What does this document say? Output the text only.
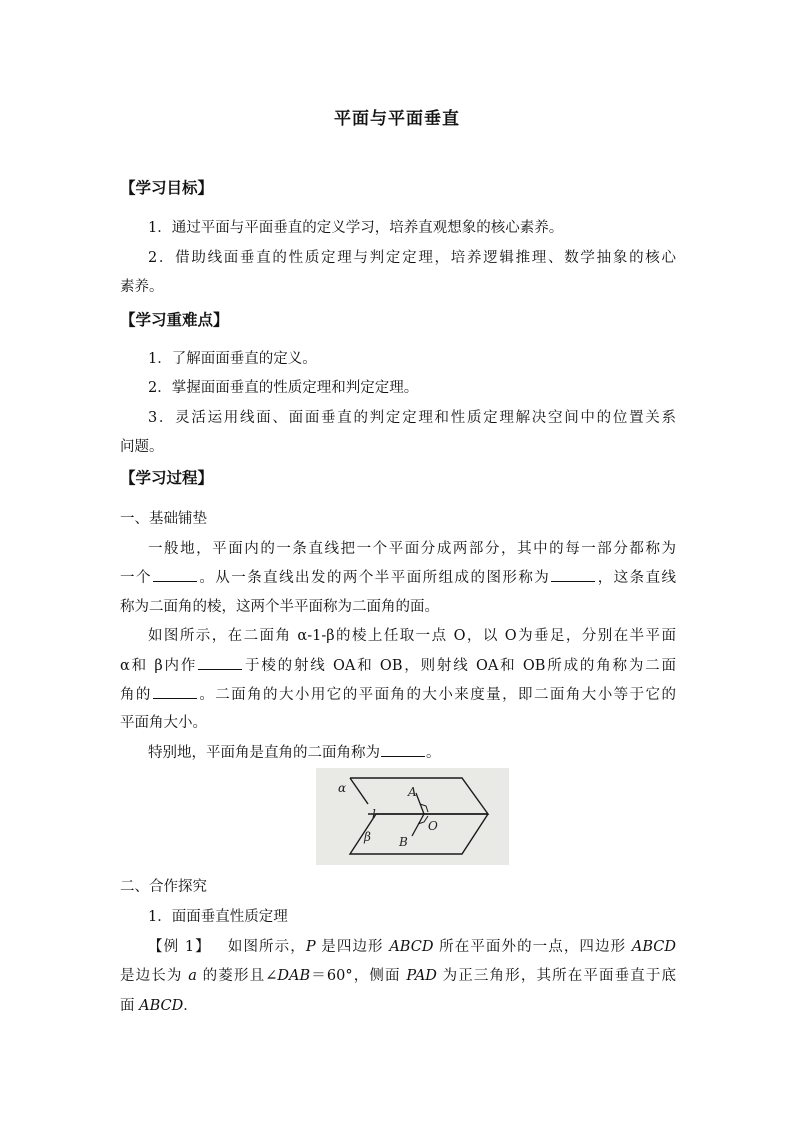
平面与平面垂直
【学习目标】
1．通过平面与平面垂直的定义学习，培养直观想象的核心素养。
2．借助线面垂直的性质定理与判定定理，培养逻辑推理、数学抽象的核心
素养。
【学习重难点】
1．了解面面垂直的定义。
2．掌握面面垂直的性质定理和判定定理。
3．灵活运用线面、面面垂直的判定定理和性质定理解决空间中的位置关系
问题。
【学习过程】
一、基础铺垫
一般地，平面内的一条直线把一个平面分成两部分，其中的每一部分都称为
一个	。从一条直线出发的两个半平面所组成的图形称为	，这条直线
称为二面角的棱，这两个半平面称为二面角的面。
如图所示，在二面角 α-1-β的棱上任取一点 O，以 O为垂足，分别在半平面
α和 β内作	于棱的射线 OA和 OB，则射线 OA和 OB所成的角称为二面
角的	。二面角的大小用它的平面角的大小来度量，即二面角大小等于它的
平面角大小。
特别地，平面角是直角的二面角称为	。
α
β
l
A
B
O
二、合作探究
1．面面垂直性质定理
【例 1】 如图所示，P 是四边形 ABCD 所在平面外的一点，四边形 ABCD
是边长为 a 的菱形且∠DAB＝60°，侧面 PAD 为正三角形，其所在平面垂直于底
面 ABCD．
